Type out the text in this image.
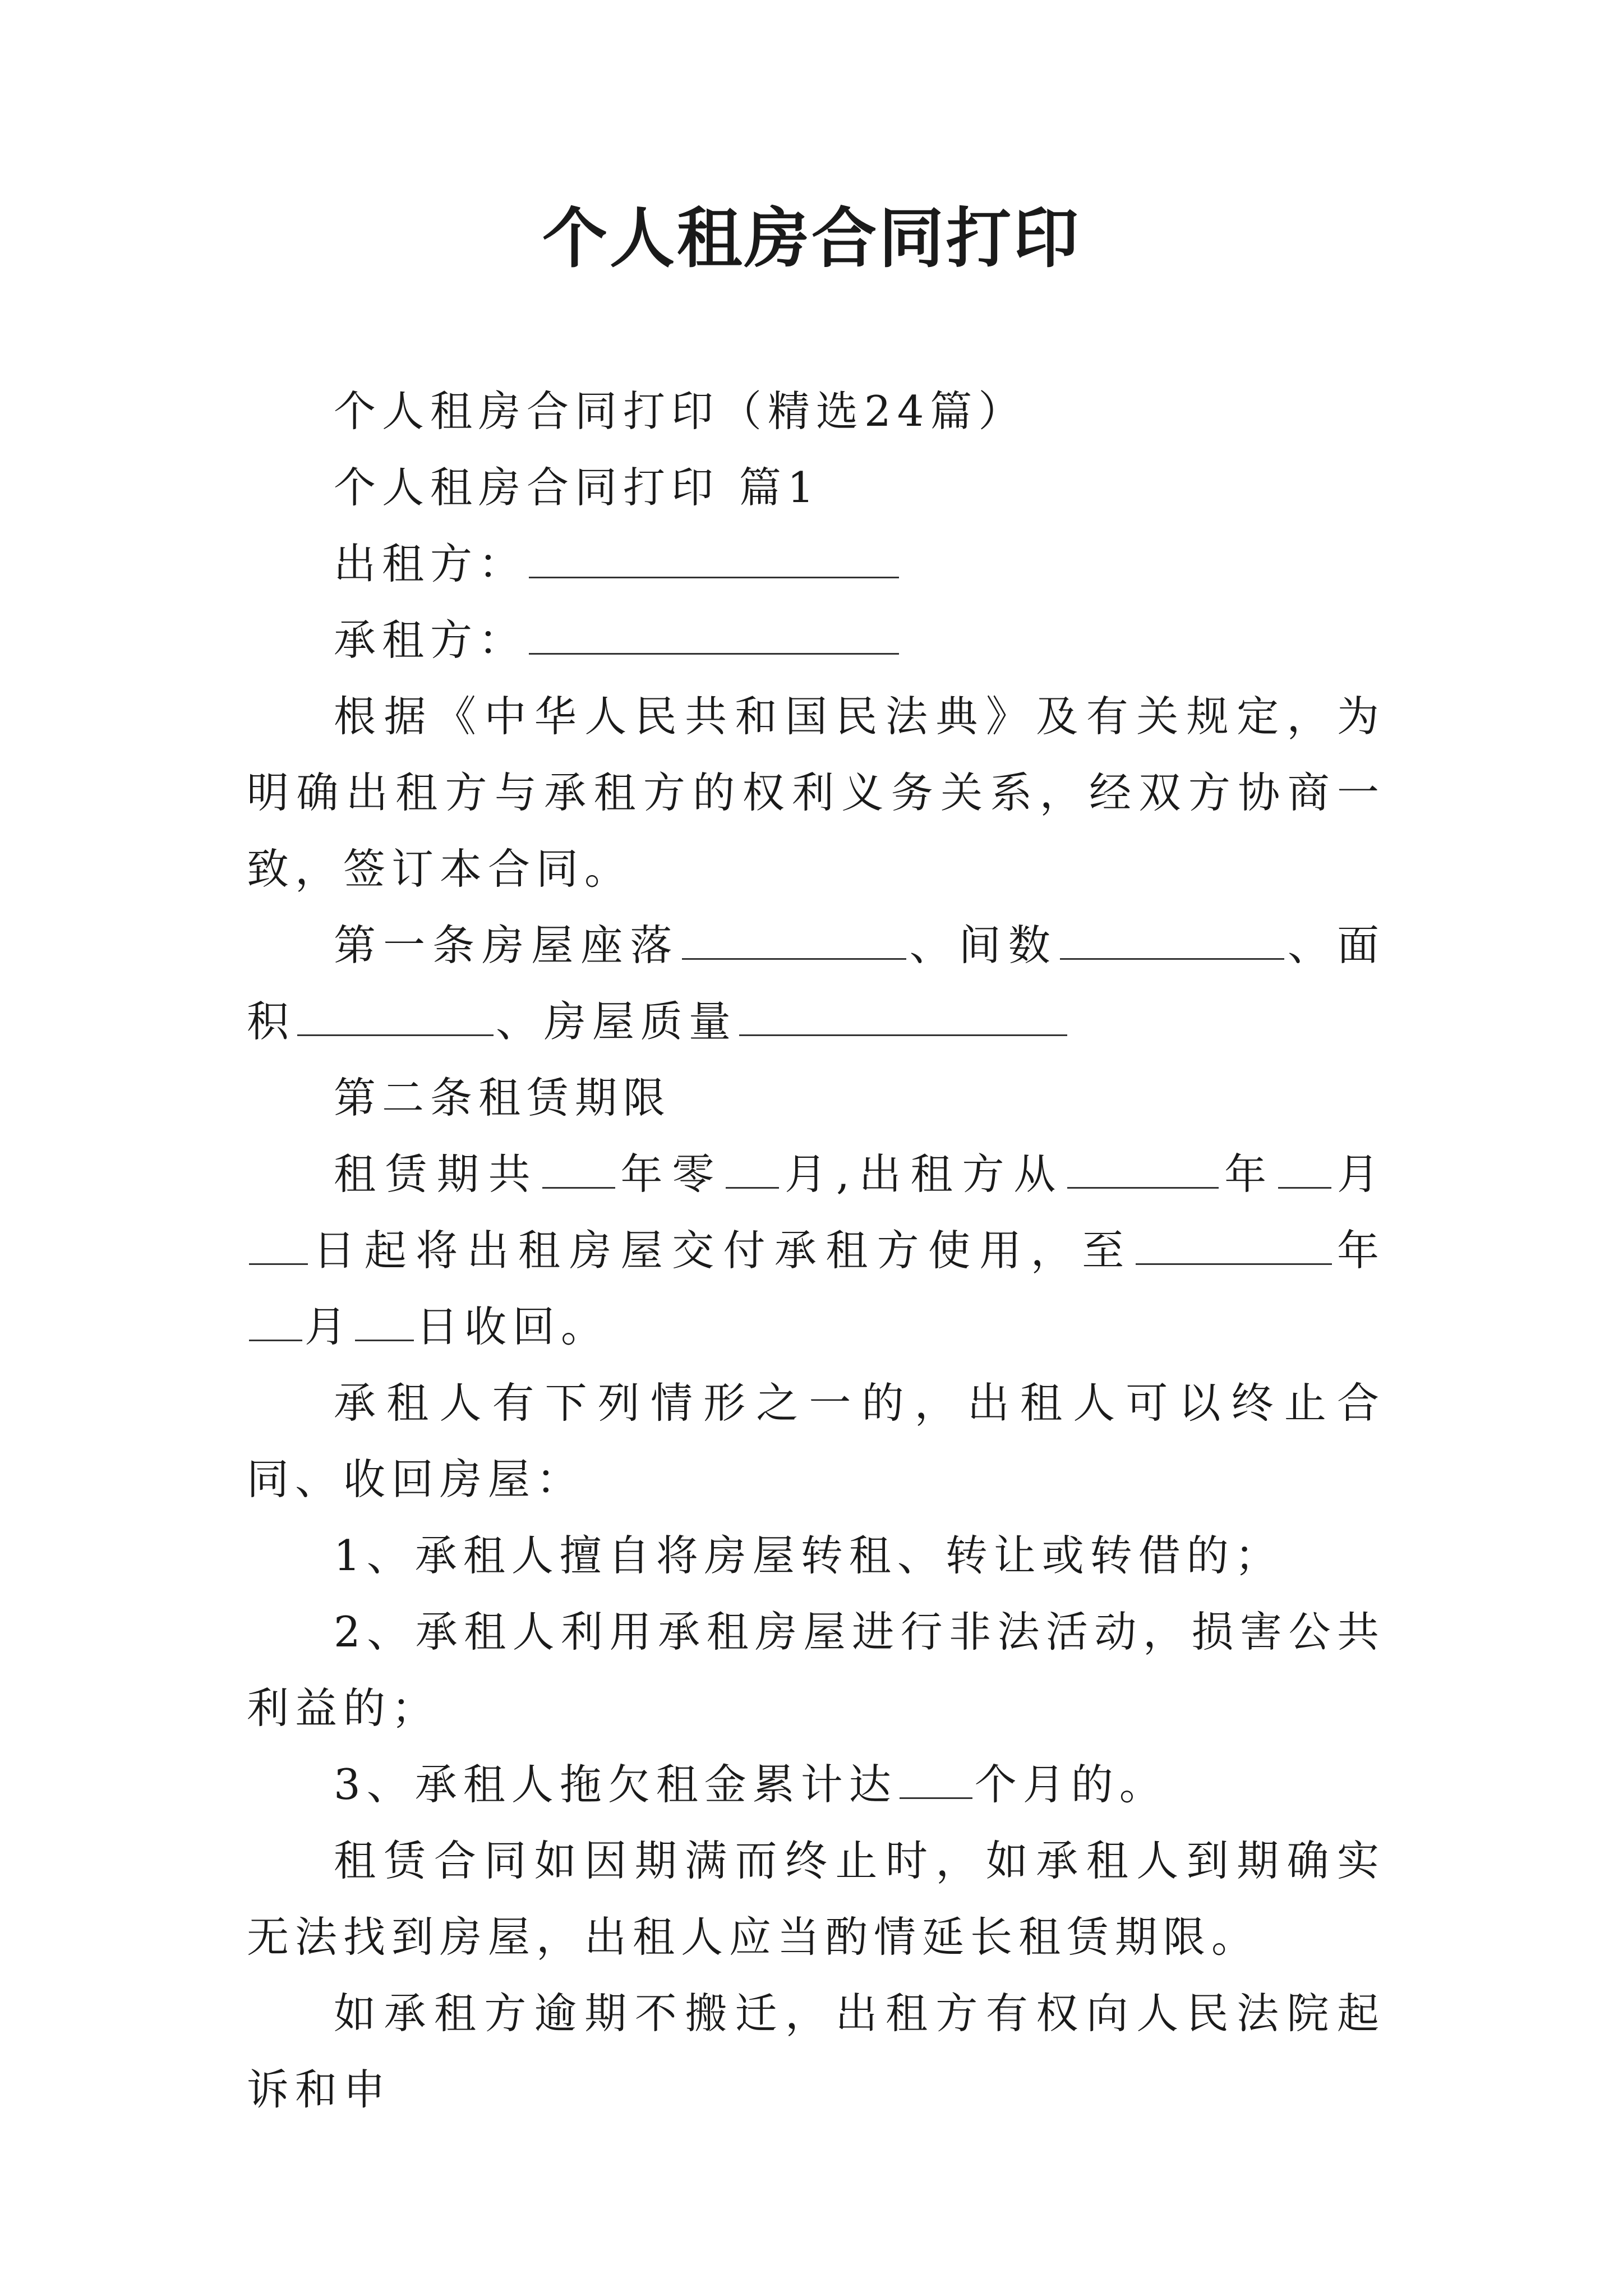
个人租房合同打印

个人租房合同打印（精选24篇）

个人租房合同打印 篇1

出租方：

承租方：

根据《中华人民共和国民法典》及有关规定，为明确出租方与承租方的权利义务关系，经双方协商一致，签订本合同。

第一条房屋座落	、间数	、面积	、房屋质量

第二条租赁期限

租赁期共 年零 月,出租方从	年 月日起将出租房屋交付承租方使用，至	年月 日收回。

承租人有下列情形之一的，出租人可以终止合同、收回房屋：

1、承租人擅自将房屋转租、转让或转借的；

2、承租人利用承租房屋进行非法活动，损害公共利益的；

3、承租人拖欠租金累计达 个月的。

租赁合同如因期满而终止时，如承租人到期确实无法找到房屋，出租人应当酌情延长租赁期限。

如承租方逾期不搬迁，出租方有权向人民法院起诉和申
